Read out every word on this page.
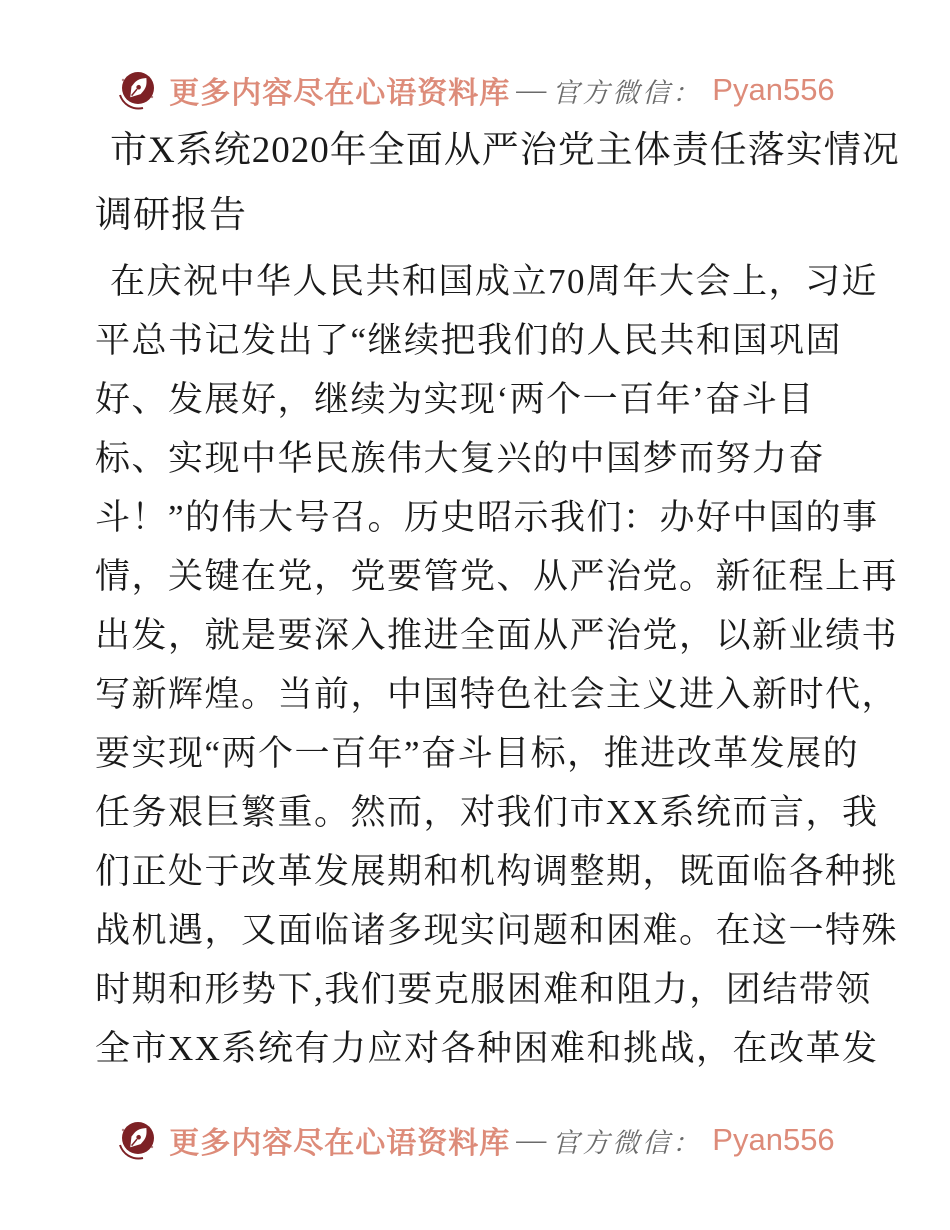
更多内容尽在心语资料库 — 官方微信： Pyan556
市X系统2020年全面从严治党主体责任落实情况
调研报告
在庆祝中华人民共和国成立70周年大会上，习近
平总书记发出了“继续把我们的人民共和国巩固
好、发展好，继续为实现‘两个一百年’奋斗目
标、实现中华民族伟大复兴的中国梦而努力奋
斗！”的伟大号召。历史昭示我们：办好中国的事
情，关键在党，党要管党、从严治党。新征程上再
出发，就是要深入推进全面从严治党，以新业绩书
写新辉煌。当前，中国特色社会主义进入新时代，
要实现“两个一百年”奋斗目标，推进改革发展的
任务艰巨繁重。然而，对我们市XX系统而言，我
们正处于改革发展期和机构调整期，既面临各种挑
战机遇，又面临诸多现实问题和困难。在这一特殊
时期和形势下,我们要克服困难和阻力，团结带领
全市XX系统有力应对各种困难和挑战，在改革发
更多内容尽在心语资料库 — 官方微信： Pyan556
